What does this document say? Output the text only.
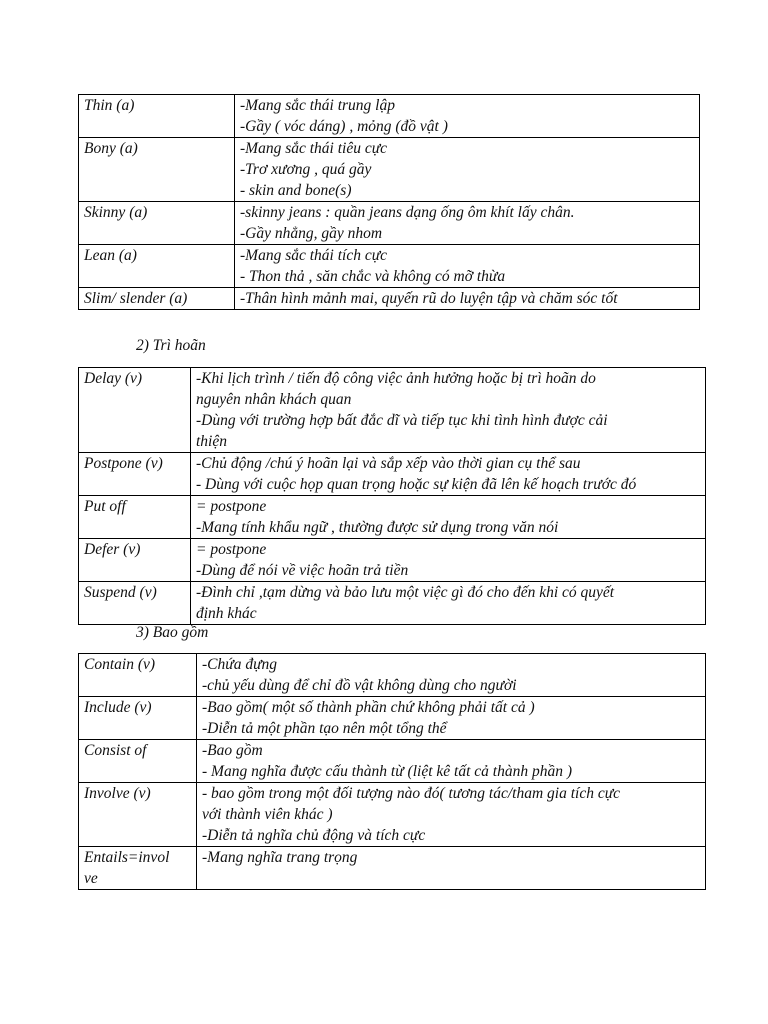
Thin (a)	-Mang sắc thái trung lập
-Gầy ( vóc dáng) , mỏng (đồ vật )

Bony (a)	-Mang sắc thái tiêu cực
-Trơ xương , quá gầy
- skin and bone(s)

Skinny (a)	-skinny jeans : quần jeans dạng ống ôm khít lấy chân.
-Gầy nhẳng, gầy nhom

Lean (a)	-Mang sắc thái tích cực
- Thon thả , săn chắc và không có mỡ thừa

Slim/ slender (a)	-Thân hình mảnh mai, quyến rũ do luyện tập và chăm sóc tốt
2) Trì hoãn
Delay (v)	-Khi lịch trình / tiến độ công việc ảnh hưởng hoặc bị trì hoãn do
nguyên nhân khách quan
-Dùng với trường hợp bất đắc dĩ và tiếp tục khi tình hình được cải
thiện

Postpone (v)	-Chủ động /chú ý hoãn lại và sắp xếp vào thời gian cụ thể sau
- Dùng với cuộc họp quan trọng hoặc sự kiện đã lên kế hoạch trước đó

Put off	= postpone
-Mang tính khẩu ngữ , thường được sử dụng trong văn nói

Defer (v)	= postpone
-Dùng để nói về việc hoãn trả tiền

Suspend (v)	-Đình chỉ ,tạm dừng và bảo lưu một việc gì đó cho đến khi có quyết
định khác
3) Bao gồm
Contain (v)	-Chứa đựng
-chủ yếu dùng để chỉ đồ vật không dùng cho người

Include (v)	-Bao gồm( một số thành phần chứ không phải tất cả )
-Diễn tả một phần tạo nên một tổng thể

Consist of	-Bao gồm
- Mang nghĩa được cấu thành từ (liệt kê tất cả thành phần )

Involve (v)	- bao gồm trong một đối tượng nào đó( tương tác/tham gia tích cực
với thành viên khác )
-Diễn tả nghĩa chủ động và tích cực

Entails=invol
ve	-Mang nghĩa trang trọng
